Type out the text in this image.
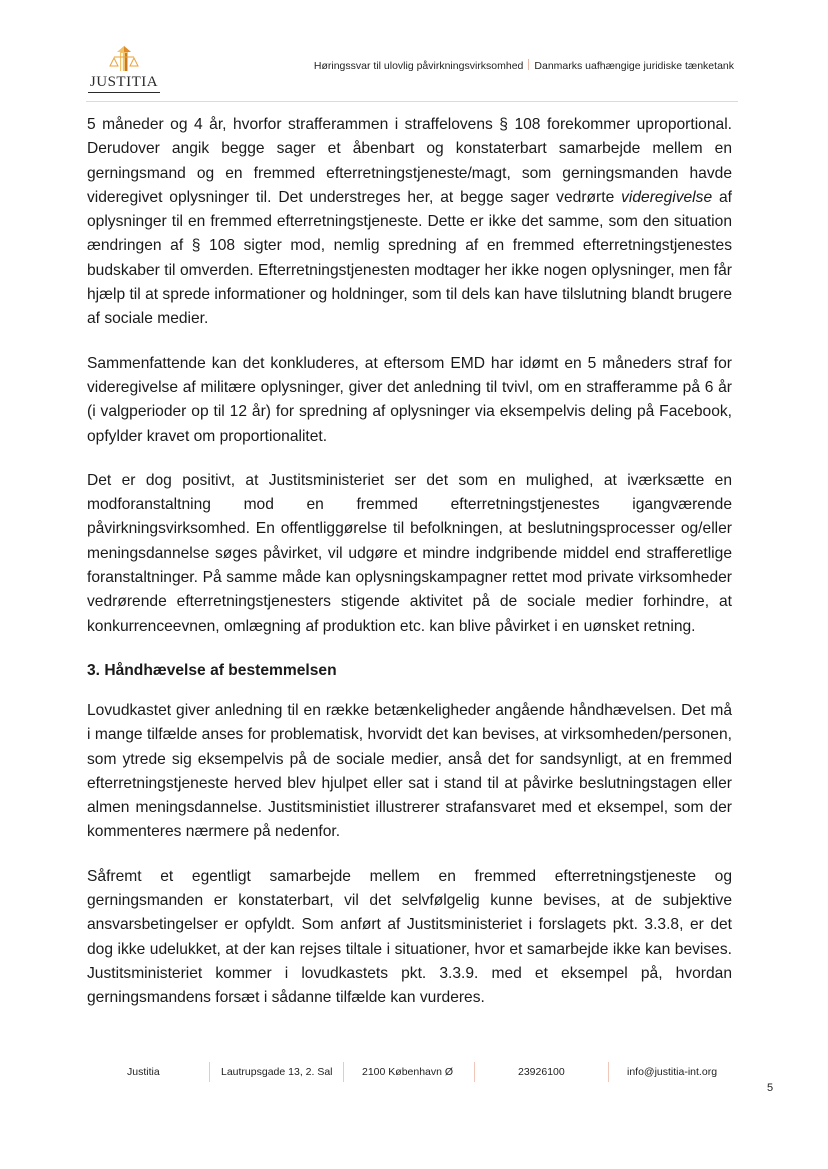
JUSTITIA
Høringssvar til ulovlig påvirkningsvirksomhed Danmarks uafhængige juridiske tænketank

5 måneder og 4 år, hvorfor strafferammen i straffelovens § 108 forekommer uproportional. Derudover angik begge sager et åbenbart og konstaterbart samarbejde mellem en gerningsmand og en fremmed efterretningstjeneste/magt, som gerningsmanden havde videregivet oplysninger til. Det understreges her, at begge sager vedrørte videregivelse af oplysninger til en fremmed efterretningstjeneste. Dette er ikke det samme, som den situation ændringen af § 108 sigter mod, nemlig spredning af en fremmed efterretningstjenestes budskaber til omverden. Efterretningstjenesten modtager her ikke nogen oplysninger, men får hjælp til at sprede informationer og holdninger, som til dels kan have tilslutning blandt brugere af sociale medier.

Sammenfattende kan det konkluderes, at eftersom EMD har idømt en 5 måneders straf for videregivelse af militære oplysninger, giver det anledning til tvivl, om en strafferamme på 6 år (i valgperioder op til 12 år) for spredning af oplysninger via eksempelvis deling på Facebook, opfylder kravet om proportionalitet.

Det er dog positivt, at Justitsministeriet ser det som en mulighed, at iværksætte en modforanstaltning mod en fremmed efterretningstjenestes igangværende påvirkningsvirksomhed. En offentliggørelse til befolkningen, at beslutningsprocesser og/eller meningsdannelse søges påvirket, vil udgøre et mindre indgribende middel end strafferetlige foranstaltninger. På samme måde kan oplysningskampagner rettet mod private virksomheder vedrørende efterretningstjenesters stigende aktivitet på de sociale medier forhindre, at konkurrenceevnen, omlægning af produktion etc. kan blive påvirket i en uønsket retning.

3. Håndhævelse af bestemmelsen

Lovudkastet giver anledning til en række betænkeligheder angående håndhævelsen. Det må i mange tilfælde anses for problematisk, hvorvidt det kan bevises, at virksomheden/personen, som ytrede sig eksempelvis på de sociale medier, anså det for sandsynligt, at en fremmed efterretningstjeneste herved blev hjulpet eller sat i stand til at påvirke beslutningstagen eller almen meningsdannelse. Justitsministiet illustrerer strafansvaret med et eksempel, som der kommenteres nærmere på nedenfor.

Såfremt et egentligt samarbejde mellem en fremmed efterretningstjeneste og gerningsmanden er konstaterbart, vil det selvfølgelig kunne bevises, at de subjektive ansvarsbetingelser er opfyldt. Som anført af Justitsministeriet i forslagets pkt. 3.3.8, er det dog ikke udelukket, at der kan rejses tiltale i situationer, hvor et samarbejde ikke kan bevises. Justitsministeriet kommer i lovudkastets pkt. 3.3.9. med et eksempel på, hvordan gerningsmandens forsæt i sådanne tilfælde kan vurderes.

Justitia	Lautrupsgade 13, 2. Sal	2100 København Ø	23926100	info@justitia-int.org
5
